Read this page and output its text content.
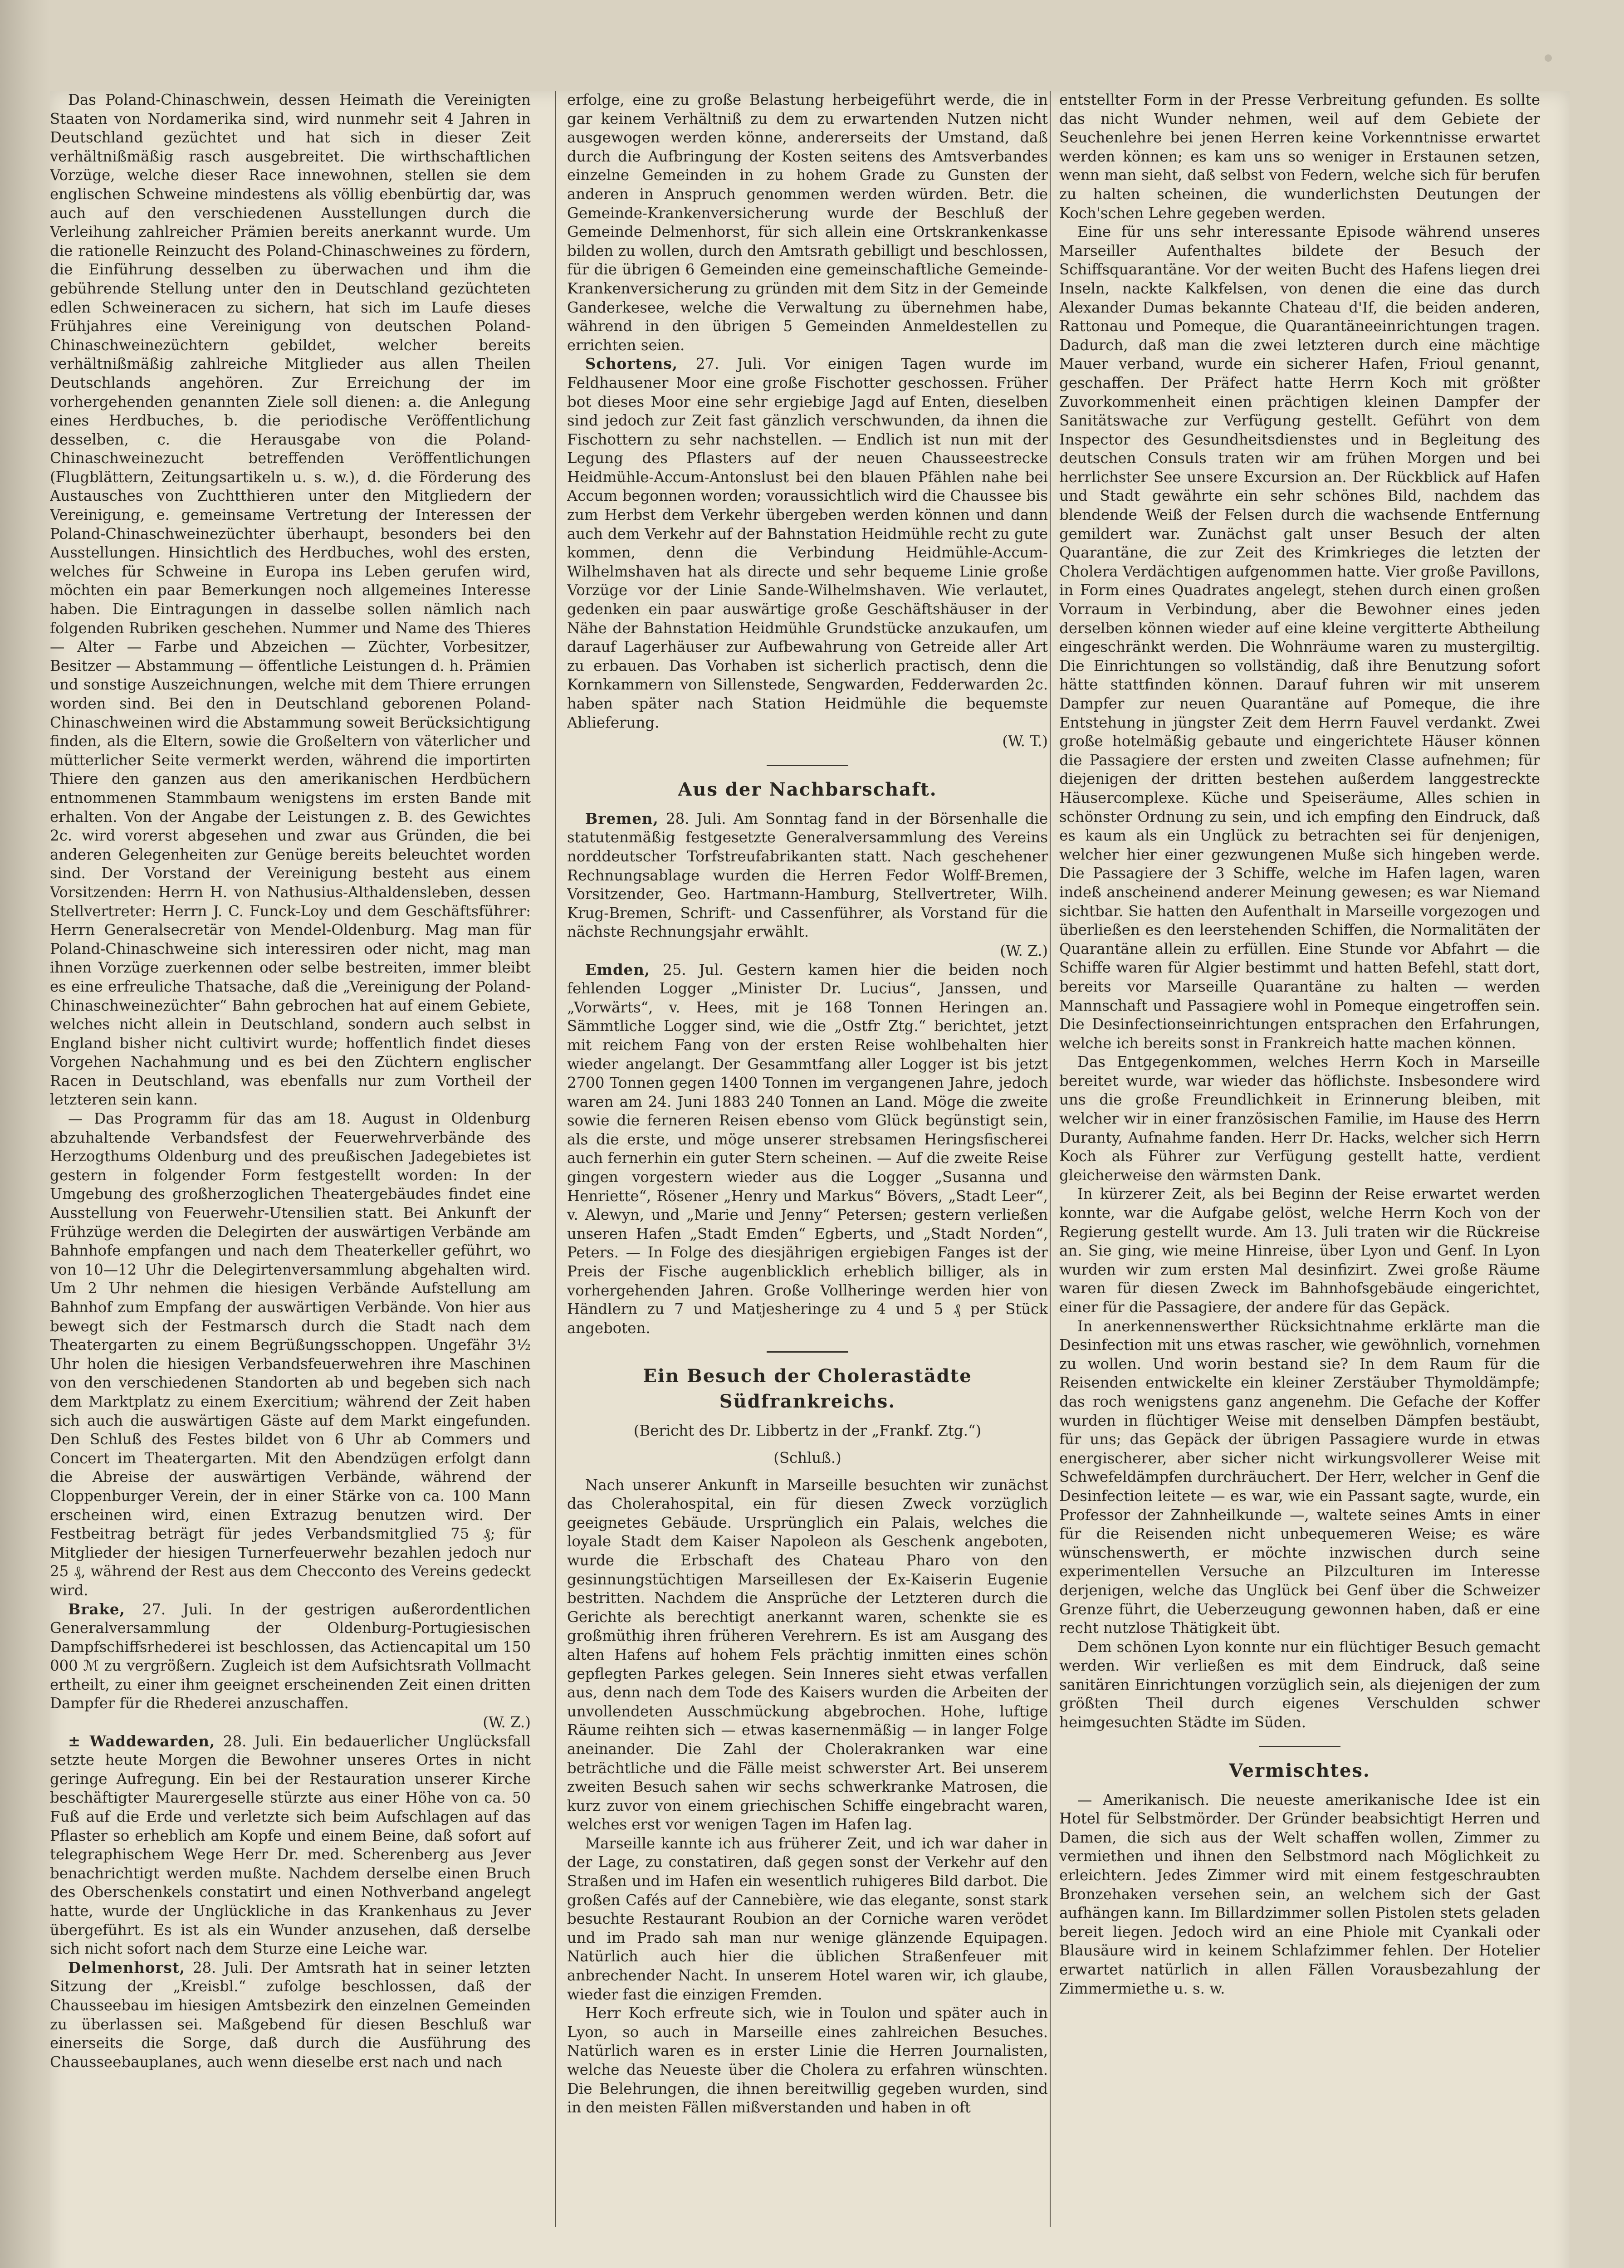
Das Poland-Chinaschwein, dessen Heimath die Vereinigten Staaten von Nordamerika sind, wird nunmehr seit 4 Jahren in Deutschland gezüchtet und hat sich in dieser Zeit verhältnißmäßig rasch ausgebreitet. Die wirthschaftlichen Vorzüge, welche dieser Race innewohnen, stellen sie dem englischen Schweine mindestens als völlig ebenbürtig dar, was auch auf den verschiedenen Ausstellungen durch die Verleihung zahlreicher Prämien bereits anerkannt wurde. Um die rationelle Reinzucht des Poland-Chinaschweines zu fördern, die Einführung desselben zu überwachen und ihm die gebührende Stellung unter den in Deutschland gezüchteten edlen Schweineracen zu sichern, hat sich im Laufe dieses Frühjahres eine Vereinigung von deutschen Poland-Chinaschweinezüchtern gebildet, welcher bereits verhältnißmäßig zahlreiche Mitglieder aus allen Theilen Deutschlands angehören. Zur Erreichung der im vorhergehenden genannten Ziele soll dienen: a. die Anlegung eines Herdbuches, b. die periodische Veröffentlichung desselben, c. die Herausgabe von die Poland-Chinaschweinezucht betreffenden Veröffentlichungen (Flugblättern, Zeitungsartikeln u. s. w.), d. die Förderung des Austausches von Zuchtthieren unter den Mitgliedern der Vereinigung, e. gemeinsame Vertretung der Interessen der Poland-Chinaschweinezüchter überhaupt, besonders bei den Ausstellungen. Hinsichtlich des Herdbuches, wohl des ersten, welches für Schweine in Europa ins Leben gerufen wird, möchten ein paar Bemerkungen noch allgemeines Interesse haben. Die Eintragungen in dasselbe sollen nämlich nach folgenden Rubriken geschehen. Nummer und Name des Thieres — Alter — Farbe und Abzeichen — Züchter, Vorbesitzer, Besitzer — Abstammung — öffentliche Leistungen d. h. Prämien und sonstige Auszeichnungen, welche mit dem Thiere errungen worden sind. Bei den in Deutschland geborenen Poland-Chinaschweinen wird die Abstammung soweit Berücksichtigung finden, als die Eltern, sowie die Großeltern von väterlicher und mütterlicher Seite vermerkt werden, während die importirten Thiere den ganzen aus den amerikanischen Herdbüchern entnommenen Stammbaum wenigstens im ersten Bande mit erhalten. Von der Angabe der Leistungen z. B. des Gewichtes 2c. wird vorerst abgesehen und zwar aus Gründen, die bei anderen Gelegenheiten zur Genüge bereits beleuchtet worden sind. Der Vorstand der Vereinigung besteht aus einem Vorsitzenden: Herrn H. von Nathusius-Althaldensleben, dessen Stellvertreter: Herrn J. C. Funck-Loy und dem Geschäftsführer: Herrn Generalsecretär von Mendel-Oldenburg. Mag man für Poland-Chinaschweine sich interessiren oder nicht, mag man ihnen Vorzüge zuerkennen oder selbe bestreiten, immer bleibt es eine erfreuliche Thatsache, daß die „Vereinigung der Poland-Chinaschweinezüchter“ Bahn gebrochen hat auf einem Gebiete, welches nicht allein in Deutschland, sondern auch selbst in England bisher nicht cultivirt wurde; hoffentlich findet dieses Vorgehen Nachahmung und es bei den Züchtern englischer Racen in Deutschland, was ebenfalls nur zum Vortheil der letzteren sein kann.

— Das Programm für das am 18. August in Oldenburg abzuhaltende Verbandsfest der Feuerwehrverbände des Herzogthums Oldenburg und des preußischen Jadegebietes ist gestern in folgender Form festgestellt worden: In der Umgebung des großherzoglichen Theatergebäudes findet eine Ausstellung von Feuerwehr-Utensilien statt. Bei Ankunft der Frühzüge werden die Delegirten der auswärtigen Verbände am Bahnhofe empfangen und nach dem Theaterkeller geführt, wo von 10—12 Uhr die Delegirtenversammlung abgehalten wird. Um 2 Uhr nehmen die hiesigen Verbände Aufstellung am Bahnhof zum Empfang der auswärtigen Verbände. Von hier aus bewegt sich der Festmarsch durch die Stadt nach dem Theatergarten zu einem Begrüßungsschoppen. Ungefähr 3½ Uhr holen die hiesigen Verbandsfeuerwehren ihre Maschinen von den verschiedenen Standorten ab und begeben sich nach dem Marktplatz zu einem Exercitium; während der Zeit haben sich auch die auswärtigen Gäste auf dem Markt eingefunden. Den Schluß des Festes bildet von 6 Uhr ab Commers und Concert im Theatergarten. Mit den Abendzügen erfolgt dann die Abreise der auswärtigen Verbände, während der Cloppenburger Verein, der in einer Stärke von ca. 100 Mann erscheinen wird, einen Extrazug benutzen wird. Der Festbeitrag beträgt für jedes Verbandsmitglied 75 ₰; für Mitglieder der hiesigen Turnerfeuerwehr bezahlen jedoch nur 25 ₰, während der Rest aus dem Checconto des Vereins gedeckt wird.

Brake, 27. Juli. In der gestrigen außerordentlichen Generalversammlung der Oldenburg-Portugiesischen Dampfschiffsrhederei ist beschlossen, das Actiencapital um 150 000 ℳ zu vergrößern. Zugleich ist dem Aufsichtsrath Vollmacht ertheilt, zu einer ihm geeignet erscheinenden Zeit einen dritten Dampfer für die Rhederei anzuschaffen.
(W. Z.)

± Waddewarden, 28. Juli. Ein bedauerlicher Unglücksfall setzte heute Morgen die Bewohner unseres Ortes in nicht geringe Aufregung. Ein bei der Restauration unserer Kirche beschäftigter Maurergeselle stürzte aus einer Höhe von ca. 50 Fuß auf die Erde und verletzte sich beim Aufschlagen auf das Pflaster so erheblich am Kopfe und einem Beine, daß sofort auf telegraphischem Wege Herr Dr. med. Scherenberg aus Jever benachrichtigt werden mußte. Nachdem derselbe einen Bruch des Oberschenkels constatirt und einen Nothverband angelegt hatte, wurde der Unglückliche in das Krankenhaus zu Jever übergeführt. Es ist als ein Wunder anzusehen, daß derselbe sich nicht sofort nach dem Sturze eine Leiche war.

Delmenhorst, 28. Juli. Der Amtsrath hat in seiner letzten Sitzung der „Kreisbl.“ zufolge beschlossen, daß der Chausseebau im hiesigen Amtsbezirk den einzelnen Gemeinden zu überlassen sei. Maßgebend für diesen Beschluß war einerseits die Sorge, daß durch die Ausführung des Chausseebauplanes, auch wenn dieselbe erst nach und nach

erfolge, eine zu große Belastung herbeigeführt werde, die in gar keinem Verhältniß zu dem zu erwartenden Nutzen nicht ausgewogen werden könne, andererseits der Umstand, daß durch die Aufbringung der Kosten seitens des Amtsverbandes einzelne Gemeinden in zu hohem Grade zu Gunsten der anderen in Anspruch genommen werden würden. Betr. die Gemeinde-Krankenversicherung wurde der Beschluß der Gemeinde Delmenhorst, für sich allein eine Ortskrankenkasse bilden zu wollen, durch den Amtsrath gebilligt und beschlossen, für die übrigen 6 Gemeinden eine gemeinschaftliche Gemeinde-Krankenversicherung zu gründen mit dem Sitz in der Gemeinde Ganderkesee, welche die Verwaltung zu übernehmen habe, während in den übrigen 5 Gemeinden Anmeldestellen zu errichten seien.

Schortens, 27. Juli. Vor einigen Tagen wurde im Feldhausener Moor eine große Fischotter geschossen. Früher bot dieses Moor eine sehr ergiebige Jagd auf Enten, dieselben sind jedoch zur Zeit fast gänzlich verschwunden, da ihnen die Fischottern zu sehr nachstellen. — Endlich ist nun mit der Legung des Pflasters auf der neuen Chausseestrecke Heidmühle-Accum-Antonslust bei den blauen Pfählen nahe bei Accum begonnen worden; voraussichtlich wird die Chaussee bis zum Herbst dem Verkehr übergeben werden können und dann auch dem Verkehr auf der Bahnstation Heidmühle recht zu gute kommen, denn die Verbindung Heidmühle-Accum-Wilhelmshaven hat als directe und sehr bequeme Linie große Vorzüge vor der Linie Sande-Wilhelmshaven. Wie verlautet, gedenken ein paar auswärtige große Geschäftshäuser in der Nähe der Bahnstation Heidmühle Grundstücke anzukaufen, um darauf Lagerhäuser zur Aufbewahrung von Getreide aller Art zu erbauen. Das Vorhaben ist sicherlich practisch, denn die Kornkammern von Sillenstede, Sengwarden, Fedderwarden 2c. haben später nach Station Heidmühle die bequemste Ablieferung.
(W. T.)

Aus der Nachbarschaft.

Bremen, 28. Juli. Am Sonntag fand in der Börsenhalle die statutenmäßig festgesetzte Generalversammlung des Vereins norddeutscher Torfstreufabrikanten statt. Nach geschehener Rechnungsablage wurden die Herren Fedor Wolff-Bremen, Vorsitzender, Geo. Hartmann-Hamburg, Stellvertreter, Wilh. Krug-Bremen, Schrift- und Cassenführer, als Vorstand für die nächste Rechnungsjahr erwählt.
(W. Z.)

Emden, 25. Jul. Gestern kamen hier die beiden noch fehlenden Logger „Minister Dr. Lucius“, Janssen, und „Vorwärts“, v. Hees, mit je 168 Tonnen Heringen an. Sämmtliche Logger sind, wie die „Ostfr Ztg.“ berichtet, jetzt mit reichem Fang von der ersten Reise wohlbehalten hier wieder angelangt. Der Gesammtfang aller Logger ist bis jetzt 2700 Tonnen gegen 1400 Tonnen im vergangenen Jahre, jedoch waren am 24. Juni 1883 240 Tonnen an Land. Möge die zweite sowie die ferneren Reisen ebenso vom Glück begünstigt sein, als die erste, und möge unserer strebsamen Heringsfischerei auch fernerhin ein guter Stern scheinen. — Auf die zweite Reise gingen vorgestern wieder aus die Logger „Susanna und Henriette“, Rösener „Henry und Markus“ Bövers, „Stadt Leer“, v. Alewyn, und „Marie und Jenny“ Petersen; gestern verließen unseren Hafen „Stadt Emden“ Egberts, und „Stadt Norden“, Peters. — In Folge des diesjährigen ergiebigen Fanges ist der Preis der Fische augenblicklich erheblich billiger, als in vorhergehenden Jahren. Große Vollheringe werden hier von Händlern zu 7 und Matjesheringe zu 4 und 5 ₰ per Stück angeboten.

Ein Besuch der Cholerastädte Südfrankreichs.
(Bericht des Dr. Libbertz in der „Frankf. Ztg.“)
(Schluß.)

Nach unserer Ankunft in Marseille besuchten wir zunächst das Cholerahospital, ein für diesen Zweck vorzüglich geeignetes Gebäude. Ursprünglich ein Palais, welches die loyale Stadt dem Kaiser Napoleon als Geschenk angeboten, wurde die Erbschaft des Chateau Pharo von den gesinnungstüchtigen Marseillesen der Ex-Kaiserin Eugenie bestritten. Nachdem die Ansprüche der Letzteren durch die Gerichte als berechtigt anerkannt waren, schenkte sie es großmüthig ihren früheren Verehrern. Es ist am Ausgang des alten Hafens auf hohem Fels prächtig inmitten eines schön gepflegten Parkes gelegen. Sein Inneres sieht etwas verfallen aus, denn nach dem Tode des Kaisers wurden die Arbeiten der unvollendeten Ausschmückung abgebrochen. Hohe, luftige Räume reihten sich — etwas kasernenmäßig — in langer Folge aneinander. Die Zahl der Cholerakranken war eine beträchtliche und die Fälle meist schwerster Art. Bei unserem zweiten Besuch sahen wir sechs schwerkranke Matrosen, die kurz zuvor von einem griechischen Schiffe eingebracht waren, welches erst vor wenigen Tagen im Hafen lag.

Marseille kannte ich aus früherer Zeit, und ich war daher in der Lage, zu constatiren, daß gegen sonst der Verkehr auf den Straßen und im Hafen ein wesentlich ruhigeres Bild darbot. Die großen Cafés auf der Cannebière, wie das elegante, sonst stark besuchte Restaurant Roubion an der Corniche waren verödet und im Prado sah man nur wenige glänzende Equipagen. Natürlich auch hier die üblichen Straßenfeuer mit anbrechender Nacht. In unserem Hotel waren wir, ich glaube, wieder fast die einzigen Fremden.

Herr Koch erfreute sich, wie in Toulon und später auch in Lyon, so auch in Marseille eines zahlreichen Besuches. Natürlich waren es in erster Linie die Herren Journalisten, welche das Neueste über die Cholera zu erfahren wünschten. Die Belehrungen, die ihnen bereitwillig gegeben wurden, sind in den meisten Fällen mißverstanden und haben in oft

entstellter Form in der Presse Verbreitung gefunden. Es sollte das nicht Wunder nehmen, weil auf dem Gebiete der Seuchenlehre bei jenen Herren keine Vorkenntnisse erwartet werden können; es kam uns so weniger in Erstaunen setzen, wenn man sieht, daß selbst von Federn, welche sich für berufen zu halten scheinen, die wunderlichsten Deutungen der Koch'schen Lehre gegeben werden.

Eine für uns sehr interessante Episode während unseres Marseiller Aufenthaltes bildete der Besuch der Schiffsquarantäne. Vor der weiten Bucht des Hafens liegen drei Inseln, nackte Kalkfelsen, von denen die eine das durch Alexander Dumas bekannte Chateau d'If, die beiden anderen, Rattonau und Pomeque, die Quarantäneeinrichtungen tragen. Dadurch, daß man die zwei letzteren durch eine mächtige Mauer verband, wurde ein sicherer Hafen, Frioul genannt, geschaffen. Der Präfect hatte Herrn Koch mit größter Zuvorkommenheit einen prächtigen kleinen Dampfer der Sanitätswache zur Verfügung gestellt. Geführt von dem Inspector des Gesundheitsdienstes und in Begleitung des deutschen Consuls traten wir am frühen Morgen und bei herrlichster See unsere Excursion an. Der Rückblick auf Hafen und Stadt gewährte ein sehr schönes Bild, nachdem das blendende Weiß der Felsen durch die wachsende Entfernung gemildert war. Zunächst galt unser Besuch der alten Quarantäne, die zur Zeit des Krimkrieges die letzten der Cholera Verdächtigen aufgenommen hatte. Vier große Pavillons, in Form eines Quadrates angelegt, stehen durch einen großen Vorraum in Verbindung, aber die Bewohner eines jeden derselben können wieder auf eine kleine vergitterte Abtheilung eingeschränkt werden. Die Wohnräume waren zu mustergiltig. Die Einrichtungen so vollständig, daß ihre Benutzung sofort hätte stattfinden können. Darauf fuhren wir mit unserem Dampfer zur neuen Quarantäne auf Pomeque, die ihre Entstehung in jüngster Zeit dem Herrn Fauvel verdankt. Zwei große hotelmäßig gebaute und eingerichtete Häuser können die Passagiere der ersten und zweiten Classe aufnehmen; für diejenigen der dritten bestehen außerdem langgestreckte Häusercomplexe. Küche und Speiseräume, Alles schien in schönster Ordnung zu sein, und ich empfing den Eindruck, daß es kaum als ein Unglück zu betrachten sei für denjenigen, welcher hier einer gezwungenen Muße sich hingeben werde. Die Passagiere der 3 Schiffe, welche im Hafen lagen, waren indeß anscheinend anderer Meinung gewesen; es war Niemand sichtbar. Sie hatten den Aufenthalt in Marseille vorgezogen und überließen es den leerstehenden Schiffen, die Normalitäten der Quarantäne allein zu erfüllen. Eine Stunde vor Abfahrt — die Schiffe waren für Algier bestimmt und hatten Befehl, statt dort, bereits vor Marseille Quarantäne zu halten — werden Mannschaft und Passagiere wohl in Pomeque eingetroffen sein. Die Desinfectionseinrichtungen entsprachen den Erfahrungen, welche ich bereits sonst in Frankreich hatte machen können.

Das Entgegenkommen, welches Herrn Koch in Marseille bereitet wurde, war wieder das höflichste. Insbesondere wird uns die große Freundlichkeit in Erinnerung bleiben, mit welcher wir in einer französischen Familie, im Hause des Herrn Duranty, Aufnahme fanden. Herr Dr. Hacks, welcher sich Herrn Koch als Führer zur Verfügung gestellt hatte, verdient gleicherweise den wärmsten Dank.

In kürzerer Zeit, als bei Beginn der Reise erwartet werden konnte, war die Aufgabe gelöst, welche Herrn Koch von der Regierung gestellt wurde. Am 13. Juli traten wir die Rückreise an. Sie ging, wie meine Hinreise, über Lyon und Genf. In Lyon wurden wir zum ersten Mal desinfizirt. Zwei große Räume waren für diesen Zweck im Bahnhofsgebäude eingerichtet, einer für die Passagiere, der andere für das Gepäck.

In anerkennenswerther Rücksichtnahme erklärte man die Desinfection mit uns etwas rascher, wie gewöhnlich, vornehmen zu wollen. Und worin bestand sie? In dem Raum für die Reisenden entwickelte ein kleiner Zerstäuber Thymoldämpfe; das roch wenigstens ganz angenehm. Die Gefache der Koffer wurden in flüchtiger Weise mit denselben Dämpfen bestäubt, für uns; das Gepäck der übrigen Passagiere wurde in etwas energischerer, aber sicher nicht wirkungsvollerer Weise mit Schwefeldämpfen durchräuchert. Der Herr, welcher in Genf die Desinfection leitete — es war, wie ein Passant sagte, wurde, ein Professor der Zahnheilkunde —, waltete seines Amts in einer für die Reisenden nicht unbequemeren Weise; es wäre wünschenswerth, er möchte inzwischen durch seine experimentellen Versuche an Pilzculturen im Interesse derjenigen, welche das Unglück bei Genf über die Schweizer Grenze führt, die Ueberzeugung gewonnen haben, daß er eine recht nutzlose Thätigkeit übt.

Dem schönen Lyon konnte nur ein flüchtiger Besuch gemacht werden. Wir verließen es mit dem Eindruck, daß seine sanitären Einrichtungen vorzüglich sein, als diejenigen der zum größten Theil durch eigenes Verschulden schwer heimgesuchten Städte im Süden.

Vermischtes.

— Amerikanisch. Die neueste amerikanische Idee ist ein Hotel für Selbstmörder. Der Gründer beabsichtigt Herren und Damen, die sich aus der Welt schaffen wollen, Zimmer zu vermiethen und ihnen den Selbstmord nach Möglichkeit zu erleichtern. Jedes Zimmer wird mit einem festgeschraubten Bronzehaken versehen sein, an welchem sich der Gast aufhängen kann. Im Billardzimmer sollen Pistolen stets geladen bereit liegen. Jedoch wird an eine Phiole mit Cyankali oder Blausäure wird in keinem Schlafzimmer fehlen. Der Hotelier erwartet natürlich in allen Fällen Vorausbezahlung der Zimmermiethe u. s. w.
